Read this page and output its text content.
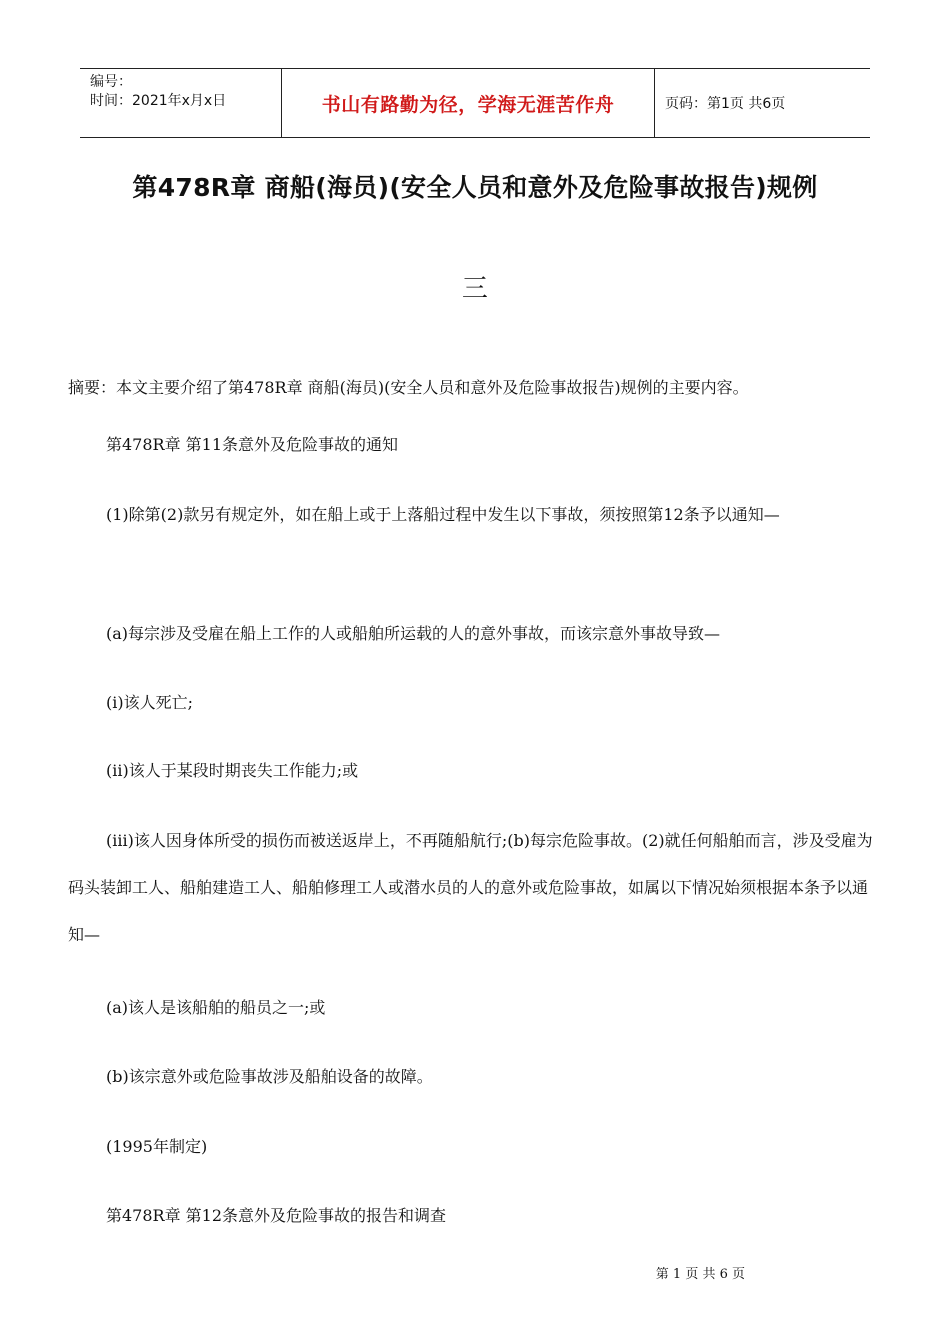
编号：
时间：2021年x月x日	书山有路勤为径，学海无涯苦作舟	页码：第1页 共6页
第478R章 商船(海员)(安全人员和意外及危险事故报告)规例
三

摘要：本文主要介绍了第478R章 商船(海员)(安全人员和意外及危险事故报告)规例的主要内容。

第478R章 第11条意外及危险事故的通知

(1)除第(2)款另有规定外，如在船上或于上落船过程中发生以下事故，须按照第12条予以通知—

(a)每宗涉及受雇在船上工作的人或船舶所运载的人的意外事故，而该宗意外事故导致—

(i)该人死亡;

(ii)该人于某段时期丧失工作能力;或

(iii)该人因身体所受的损伤而被送返岸上，不再随船航行;(b)每宗危险事故。(2)就任何船舶而言，涉及受雇为码头装卸工人、船舶建造工人、船舶修理工人或潜水员的人的意外或危险事故，如属以下情况始须根据本条予以通知—

(a)该人是该船舶的船员之一;或

(b)该宗意外或危险事故涉及船舶设备的故障。

(1995年制定)

第478R章 第12条意外及危险事故的报告和调查

第 1 页 共 6 页
